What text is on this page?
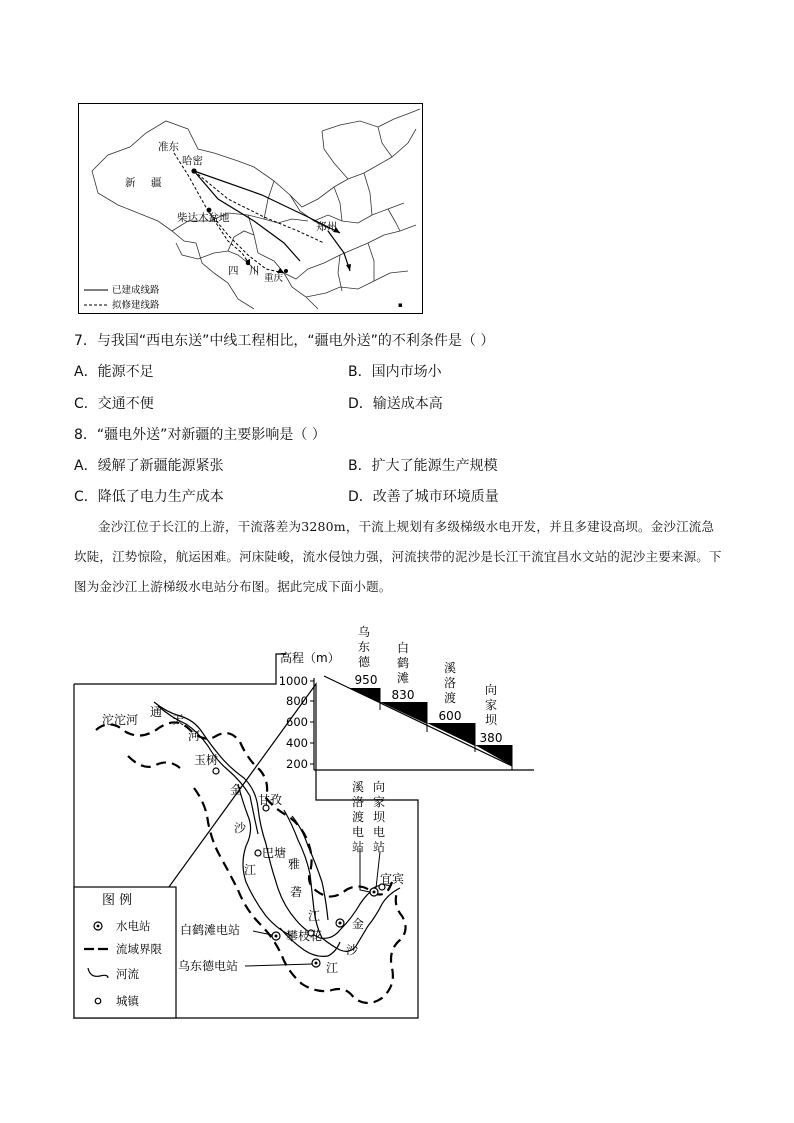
准东
哈密
新 疆
柴达木盆地
郑州
四 川
重庆
已建成线路
拟修建线路	▪
7．与我国“西电东送”中线工程相比，“疆电外送”的不利条件是（ ）
A．能源不足	B．国内市场小
C．交通不便	D．输送成本高
8．“疆电外送”对新疆的主要影响是（ ）
A．缓解了新疆能源紧张	B．扩大了能源生产规模
C．降低了电力生产成本	D．改善了城市环境质量
金沙江位于长江的上游，干流落差为3280m，干流上规划有多级梯级水电开发，并且多建设高坝。金沙江流急坎陡，江势惊险，航运困难。河床陡峻，流水侵蚀力强，河流挟带的泥沙是长江干流宜昌水文站的泥沙主要来源。下图为金沙江上游梯级水电站分布图。据此完成下面小题。
高程（m）
1000
800
600
400
200
乌
东
德
950
白
鹤
滩
830
溪
洛
渡
600
向
家
坝
380
沱沱河
通
天
河
玉树
金
甘孜
沙
巴塘
雅
江
砻
江
攀枝花
金
沙
江
宜宾
白鹤滩电站
乌东德电站
溪
洛
渡
电
站
向
家
坝
电
站
图 例
水电站
流域界限
河流
城镇
